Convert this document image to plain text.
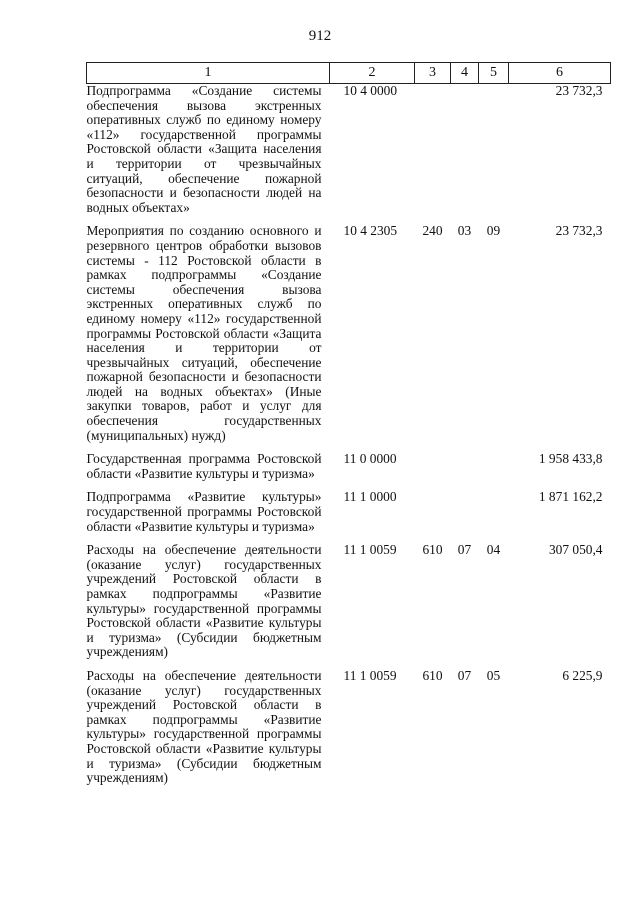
912
1	2	3	4	5	6
Подпрограмма «Создание системы обеспечения вызова экстренных оперативных служб по единому номеру «112» государственной программы Ростовской области «Защита населения и территории от чрезвычайных ситуаций, обеспечение пожарной безопасности и безопасности людей на водных объектах»	10 4 0000				23 732,3
Мероприятия по созданию основного и резервного центров обработки вызовов системы - 112 Ростовской области в рамках подпрограммы «Создание системы обеспечения вызова экстренных оперативных служб по единому номеру «112» государственной программы Ростовской области «Защита населения и территории от чрезвычайных ситуаций, обеспечение пожарной безопасности и безопасности людей на водных объектах» (Иные закупки товаров, работ и услуг для обеспечения государственных (муниципальных) нужд)	10 4 2305	240	03	09	23 732,3
Государственная программа Ростовской области «Развитие культуры и туризма»	11 0 0000				1 958 433,8
Подпрограмма «Развитие культуры» государственной программы Ростовской области «Развитие культуры и туризма»	11 1 0000				1 871 162,2
Расходы на обеспечение деятельности (оказание услуг) государственных учреждений Ростовской области в рамках подпрограммы «Развитие культуры» государственной программы Ростовской области «Развитие культуры и туризма» (Субсидии бюджетным учреждениям)	11 1 0059	610	07	04	307 050,4
Расходы на обеспечение деятельности (оказание услуг) государственных учреждений Ростовской области в рамках подпрограммы «Развитие культуры» государственной программы Ростовской области «Развитие культуры и туризма» (Субсидии бюджетным учреждениям)	11 1 0059	610	07	05	6 225,9
